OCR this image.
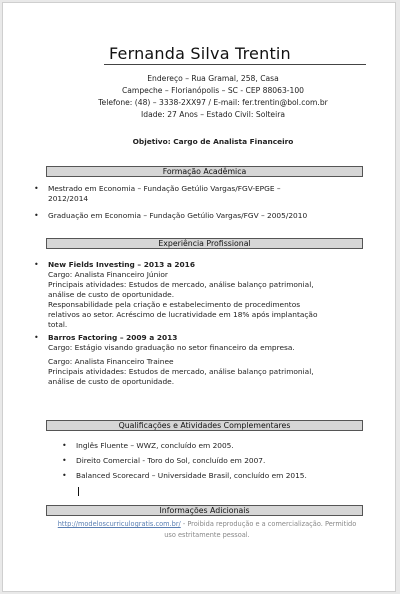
Fernanda Silva Trentin
Endereço – Rua Gramal, 258, Casa
Campeche – Florianópolis – SC - CEP 88063-100
Telefone: (48) – 3338-2XX97 / E-mail: fer.trentin@bol.com.br
Idade: 27 Anos – Estado Civil: Solteira
Objetivo: Cargo de Analista Financeiro
Formação Acadêmica
• Mestrado em Economia – Fundação Getúlio Vargas/FGV-EPGE –
2012/2014
• Graduação em Economia – Fundação Getúlio Vargas/FGV – 2005/2010
Experiência Profissional
• New Fields Investing – 2013 a 2016
Cargo: Analista Financeiro Júnior
Principais atividades: Estudos de mercado, análise balanço patrimonial,
análise de custo de oportunidade.
Responsabilidade pela criação e estabelecimento de procedimentos
relativos ao setor. Acréscimo de lucratividade em 18% após implantação
total.
• Barros Factoring – 2009 a 2013
Cargo: Estágio visando graduação no setor financeiro da empresa.
Cargo: Analista Financeiro Trainee
Principais atividades: Estudos de mercado, análise balanço patrimonial,
análise de custo de oportunidade.
Qualificações e Atividades Complementares
• Inglês Fluente – WWZ, concluído em 2005.
• Direito Comercial - Toro do Sol, concluído em 2007.
• Balanced Scorecard – Universidade Brasil, concluído em 2015.
Informações Adicionais
http://modeloscurriculogratis.com.br/ - Proibida reprodução e a comercialização. Permitido
uso estritamente pessoal.
